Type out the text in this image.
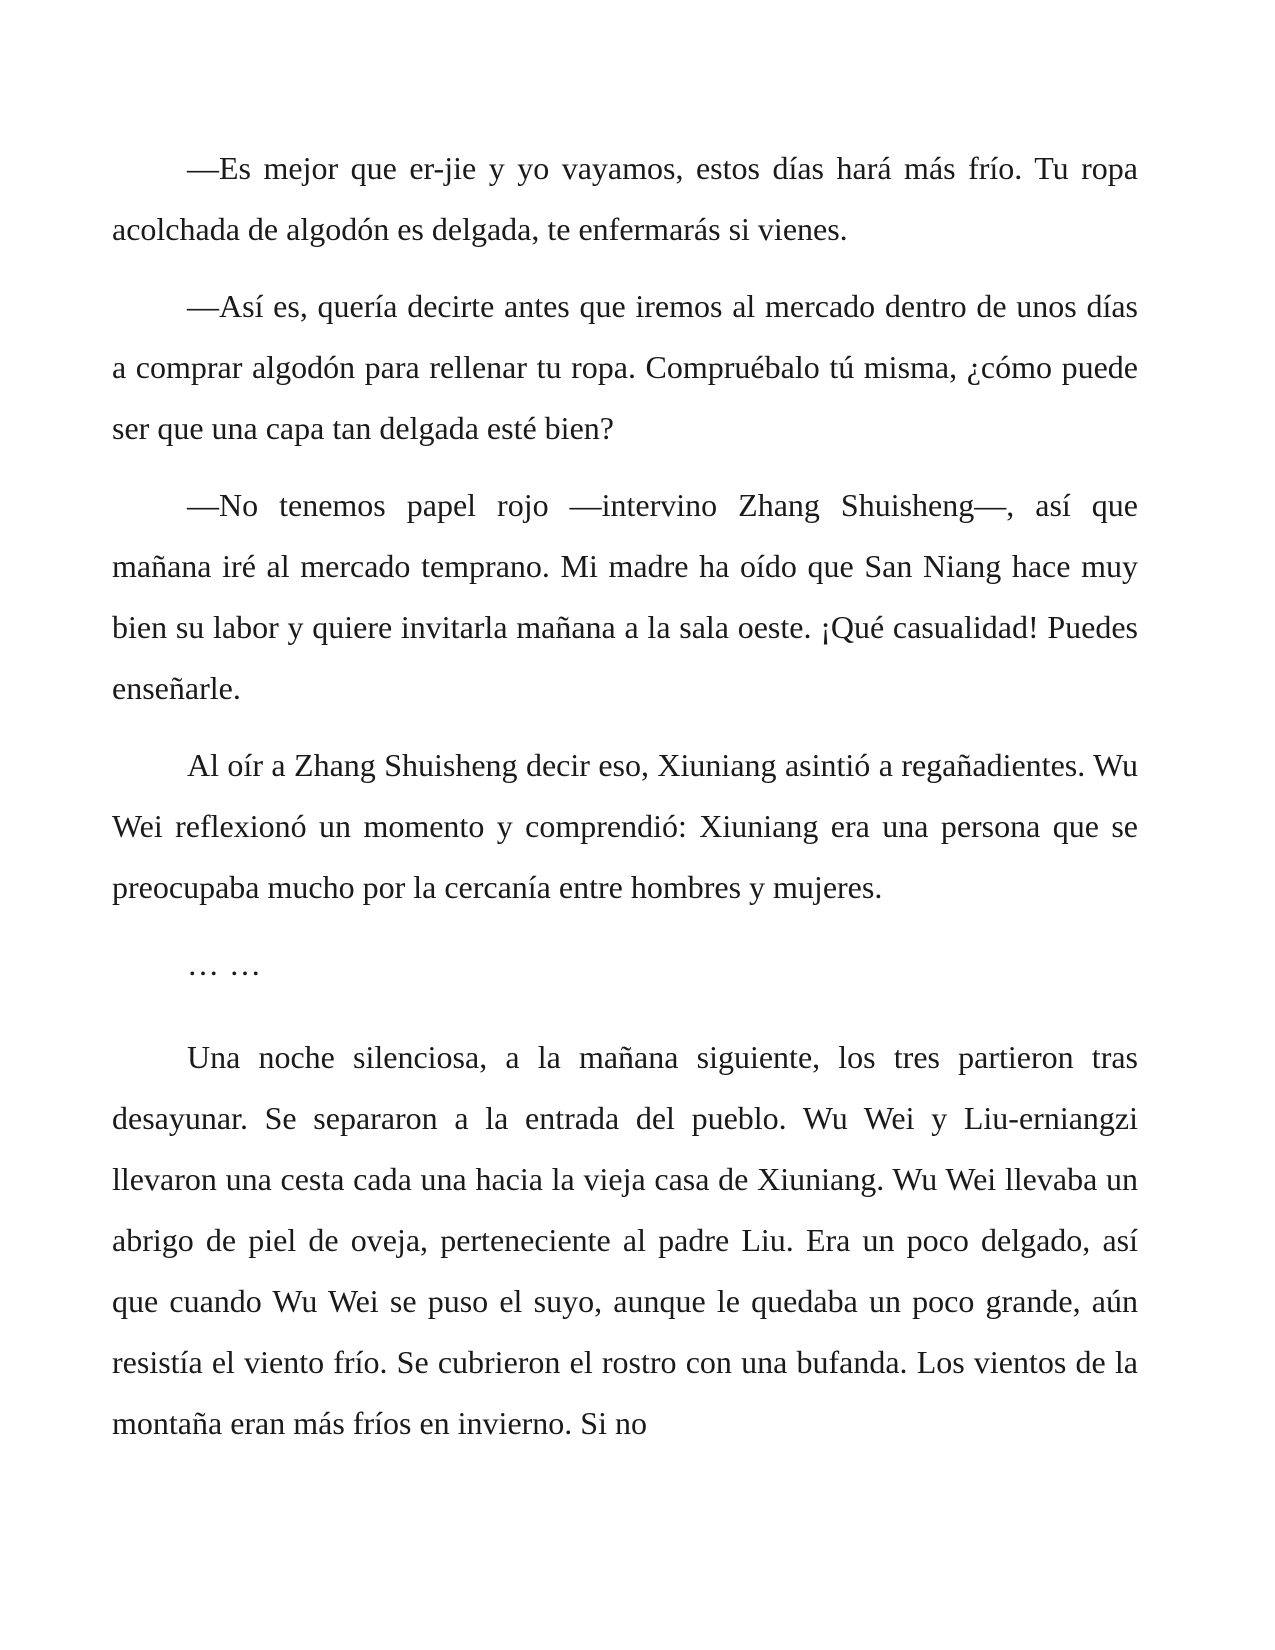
—Es mejor que er-jie y yo vayamos, estos días hará más frío. Tu ropa acolchada de algodón es delgada, te enfermarás si vienes.

—Así es, quería decirte antes que iremos al mercado dentro de unos días a comprar algodón para rellenar tu ropa. Compruébalo tú misma, ¿cómo puede ser que una capa tan delgada esté bien?

—No tenemos papel rojo —intervino Zhang Shuisheng—, así que mañana iré al mercado temprano. Mi madre ha oído que San Niang hace muy bien su labor y quiere invitarla mañana a la sala oeste. ¡Qué casualidad! Puedes enseñarle.

Al oír a Zhang Shuisheng decir eso, Xiuniang asintió a regañadientes. Wu Wei reflexionó un momento y comprendió: Xiuniang era una persona que se preocupaba mucho por la cercanía entre hombres y mujeres.

… …

Una noche silenciosa, a la mañana siguiente, los tres partieron tras desayunar. Se separaron a la entrada del pueblo. Wu Wei y Liu-erniangzi llevaron una cesta cada una hacia la vieja casa de Xiuniang. Wu Wei llevaba un abrigo de piel de oveja, perteneciente al padre Liu. Era un poco delgado, así que cuando Wu Wei se puso el suyo, aunque le quedaba un poco grande, aún resistía el viento frío. Se cubrieron el rostro con una bufanda. Los vientos de la montaña eran más fríos en invierno. Si no
